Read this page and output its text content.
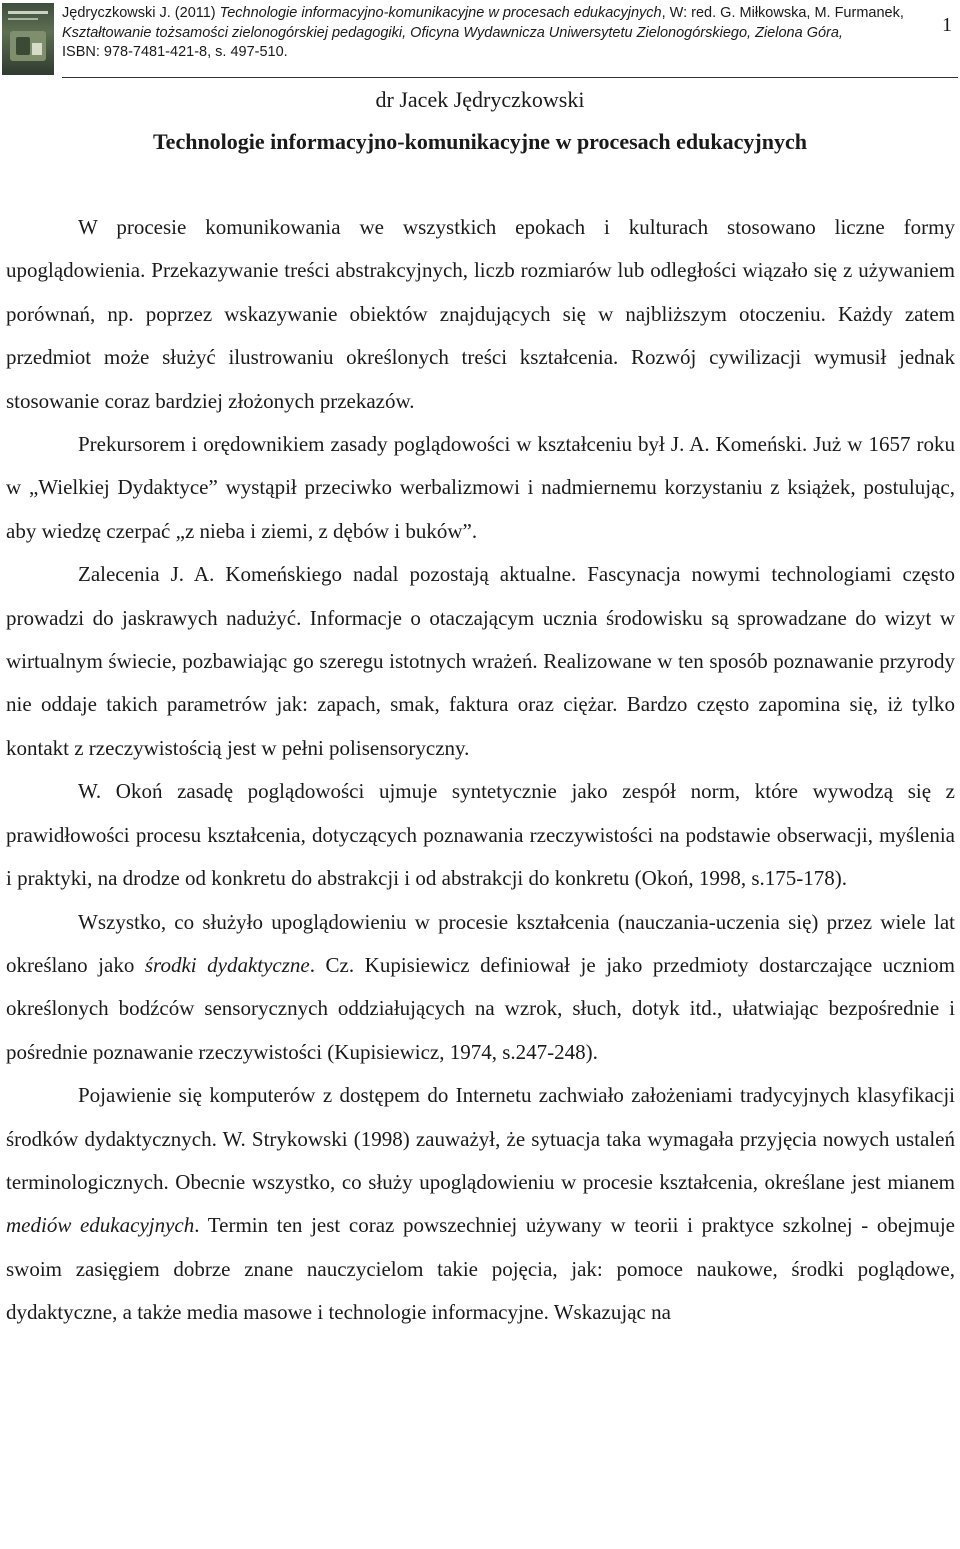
Jędryczkowski J. (2011) Technologie informacyjno-komunikacyjne w procesach edukacyjnych, W: red. G. Miłkowska, M. Furmanek,
Kształtowanie tożsamości zielonogórskiej pedagogiki, Oficyna Wydawnicza Uniwersytetu Zielonogórskiego, Zielona Góra,
ISBN: 978-7481-421-8, s. 497-510.
1
dr Jacek Jędryczkowski
Technologie informacyjno-komunikacyjne w procesach edukacyjnych

W procesie komunikowania we wszystkich epokach i kulturach stosowano liczne formy upoglądowienia. Przekazywanie treści abstrakcyjnych, liczb rozmiarów lub odległości wiązało się z używaniem porównań, np. poprzez wskazywanie obiektów znajdujących się w najbliższym otoczeniu. Każdy zatem przedmiot może służyć ilustrowaniu określonych treści kształcenia. Rozwój cywilizacji wymusił jednak stosowanie coraz bardziej złożonych przekazów.

Prekursorem i orędownikiem zasady poglądowości w kształceniu był J. A. Komeński. Już w 1657 roku w „Wielkiej Dydaktyce” wystąpił przeciwko werbalizmowi i nadmiernemu korzystaniu z książek, postulując, aby wiedzę czerpać „z nieba i ziemi, z dębów i buków”.

Zalecenia J. A. Komeńskiego nadal pozostają aktualne. Fascynacja nowymi technologiami często prowadzi do jaskrawych nadużyć. Informacje o otaczającym ucznia środowisku są sprowadzane do wizyt w wirtualnym świecie, pozbawiając go szeregu istotnych wrażeń. Realizowane w ten sposób poznawanie przyrody nie oddaje takich parametrów jak: zapach, smak, faktura oraz ciężar. Bardzo często zapomina się, iż tylko kontakt z rzeczywistością jest w pełni polisensoryczny.

W. Okoń zasadę poglądowości ujmuje syntetycznie jako zespół norm, które wywodzą się z prawidłowości procesu kształcenia, dotyczących poznawania rzeczywistości na podstawie obserwacji, myślenia i praktyki, na drodze od konkretu do abstrakcji i od abstrakcji do konkretu (Okoń, 1998, s.175-178).

Wszystko, co służyło upoglądowieniu w procesie kształcenia (nauczania-uczenia się) przez wiele lat określano jako środki dydaktyczne. Cz. Kupisiewicz definiował je jako przedmioty dostarczające uczniom określonych bodźców sensorycznych oddziałujących na wzrok, słuch, dotyk itd., ułatwiając bezpośrednie i pośrednie poznawanie rzeczywistości (Kupisiewicz, 1974, s.247-248).

Pojawienie się komputerów z dostępem do Internetu zachwiało założeniami tradycyjnych klasyfikacji środków dydaktycznych. W. Strykowski (1998) zauważył, że sytuacja taka wymagała przyjęcia nowych ustaleń terminologicznych. Obecnie wszystko, co służy upoglądowieniu w procesie kształcenia, określane jest mianem mediów edukacyjnych. Termin ten jest coraz powszechniej używany w teorii i praktyce szkolnej - obejmuje swoim zasięgiem dobrze znane nauczycielom takie pojęcia, jak: pomoce naukowe, środki poglądowe, dydaktyczne, a także media masowe i technologie informacyjne. Wskazując na
